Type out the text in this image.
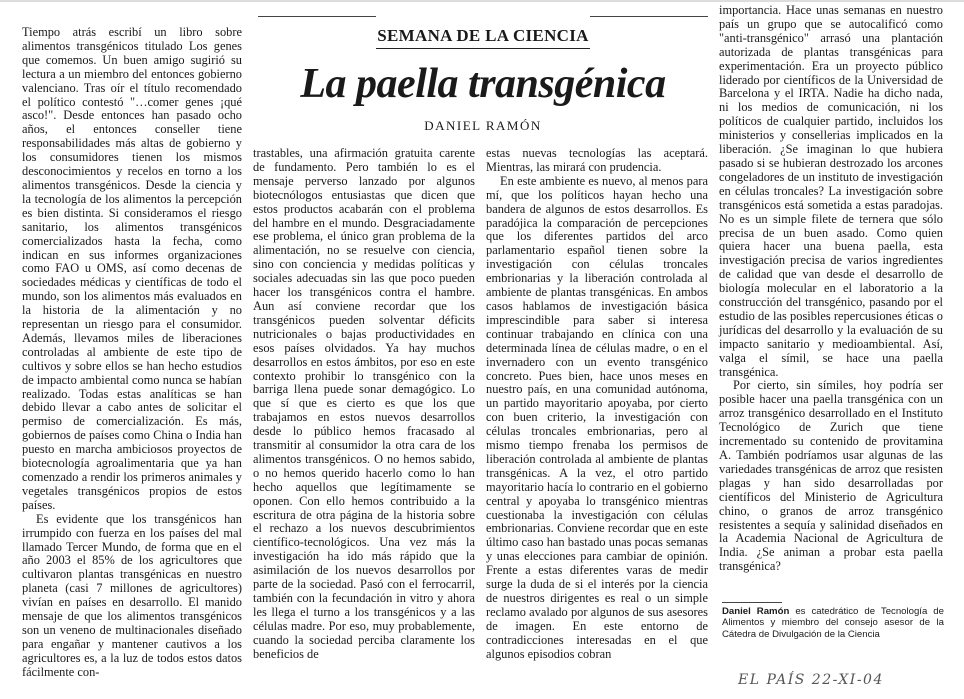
Tiempo atrás escribí un libro sobre alimentos transgénicos titulado Los genes que comemos. Un buen amigo sugirió su lectura a un miembro del entonces gobierno valenciano. Tras oír el título recomendado el político contestó "…comer genes ¡qué asco!". Desde entonces han pasado ocho años, el entonces conseller tiene responsabilidades más altas de gobierno y los consumidores tienen los mismos desconocimientos y recelos en torno a los alimentos transgénicos. Desde la ciencia y la tecnología de los alimentos la percepción es bien distinta. Si consideramos el riesgo sanitario, los alimentos transgénicos comercializados hasta la fecha, como indican en sus informes organizaciones como FAO u OMS, así como decenas de sociedades médicas y científicas de todo el mundo, son los alimentos más evaluados en la historia de la alimentación y no representan un riesgo para el consumidor. Además, llevamos miles de liberaciones controladas al ambiente de este tipo de cultivos y sobre ellos se han hecho estudios de impacto ambiental como nunca se habían realizado. Todas estas analíticas se han debido llevar a cabo antes de solicitar el permiso de comercialización. Es más, gobiernos de países como China o India han puesto en marcha ambiciosos proyectos de biotecnología agroalimentaria que ya han comenzado a rendir los primeros animales y vegetales transgénicos propios de estos países.

Es evidente que los transgénicos han irrumpido con fuerza en los países del mal llamado Tercer Mundo, de forma que en el año 2003 el 85% de los agricultores que cultivaron plantas transgénicas en nuestro planeta (casi 7 millones de agricultores) vivían en países en desarrollo. El manido mensaje de que los alimentos transgénicos son un veneno de multinacionales diseñado para engañar y mantener cautivos a los agricultores es, a la luz de todos estos datos fácilmente con-

SEMANA DE LA CIENCIA
La paella transgénica
DANIEL RAMÓN

trastables, una afirmación gratuita carente de fundamento. Pero también lo es el mensaje perverso lanzado por algunos biotecnólogos entusiastas que dicen que estos productos acabarán con el problema del hambre en el mundo. Desgraciadamente ese problema, el único gran problema de la alimentación, no se resuelve con ciencia, sino con conciencia y medidas políticas y sociales adecuadas sin las que poco pueden hacer los transgénicos contra el hambre. Aun así conviene recordar que los transgénicos pueden solventar déficits nutricionales o bajas productividades en esos países olvidados. Ya hay muchos desarrollos en estos ámbitos, por eso en este contexto prohibir lo transgénico con la barriga llena puede sonar demagógico. Lo que sí que es cierto es que los que trabajamos en estos nuevos desarrollos desde lo público hemos fracasado al transmitir al consumidor la otra cara de los alimentos transgénicos. O no hemos sabido, o no hemos querido hacerlo como lo han hecho aquellos que legítimamente se oponen. Con ello hemos contribuido a la escritura de otra página de la historia sobre el rechazo a los nuevos descubrimientos científico-tecnológicos. Una vez más la investigación ha ido más rápido que la asimilación de los nuevos desarrollos por parte de la sociedad. Pasó con el ferrocarril, también con la fecundación in vitro y ahora les llega el turno a los transgénicos y a las células madre. Por eso, muy probablemente, cuando la sociedad perciba claramente los beneficios de

estas nuevas tecnologías las aceptará. Mientras, las mirará con prudencia.

En este ambiente es nuevo, al menos para mí, que los políticos hayan hecho una bandera de algunos de estos desarrollos. Es paradójica la comparación de percepciones que los diferentes partidos del arco parlamentario español tienen sobre la investigación con células troncales embrionarias y la liberación controlada al ambiente de plantas transgénicas. En ambos casos hablamos de investigación básica imprescindible para saber si interesa continuar trabajando en clínica con una determinada línea de células madre, o en el invernadero con un evento transgénico concreto. Pues bien, hace unos meses en nuestro país, en una comunidad autónoma, un partido mayoritario apoyaba, por cierto con buen criterio, la investigación con células troncales embrionarias, pero al mismo tiempo frenaba los permisos de liberación controlada al ambiente de plantas transgénicas. A la vez, el otro partido mayoritario hacía lo contrario en el gobierno central y apoyaba lo transgénico mientras cuestionaba la investigación con células embrionarias. Conviene recordar que en este último caso han bastado unas pocas semanas y unas elecciones para cambiar de opinión. Frente a estas diferentes varas de medir surge la duda de si el interés por la ciencia de nuestros dirigentes es real o un simple reclamo avalado por algunos de sus asesores de imagen. En este entorno de contradicciones interesadas en el que algunos episodios cobran

importancia. Hace unas semanas en nuestro país un grupo que se autocalificó como "anti-transgénico" arrasó una plantación autorizada de plantas transgénicas para experimentación. Era un proyecto público liderado por científicos de la Universidad de Barcelona y el IRTA. Nadie ha dicho nada, ni los medios de comunicación, ni los políticos de cualquier partido, incluidos los ministerios y consellerias implicados en la liberación. ¿Se imaginan lo que hubiera pasado si se hubieran destrozado los arcones congeladores de un instituto de investigación en células troncales? La investigación sobre transgénicos está sometida a estas paradojas. No es un simple filete de ternera que sólo precisa de un buen asado. Como quien quiera hacer una buena paella, esta investigación precisa de varios ingredientes de calidad que van desde el desarrollo de biología molecular en el laboratorio a la construcción del transgénico, pasando por el estudio de las posibles repercusiones éticas o jurídicas del desarrollo y la evaluación de su impacto sanitario y medioambiental. Así, valga el símil, se hace una paella transgénica.

Por cierto, sin símiles, hoy podría ser posible hacer una paella transgénica con un arroz transgénico desarrollado en el Instituto Tecnológico de Zurich que tiene incrementado su contenido de provitamina A. También podríamos usar algunas de las variedades transgénicas de arroz que resisten plagas y han sido desarrolladas por científicos del Ministerio de Agricultura chino, o granos de arroz transgénico resistentes a sequía y salinidad diseñados en la Academia Nacional de Agricultura de India. ¿Se animan a probar esta paella transgénica?

Daniel Ramón es catedrático de Tecnología de Alimentos y miembro del consejo asesor de la Cátedra de Divulgación de la Ciencia
EL PAÍS 22-XI-04
